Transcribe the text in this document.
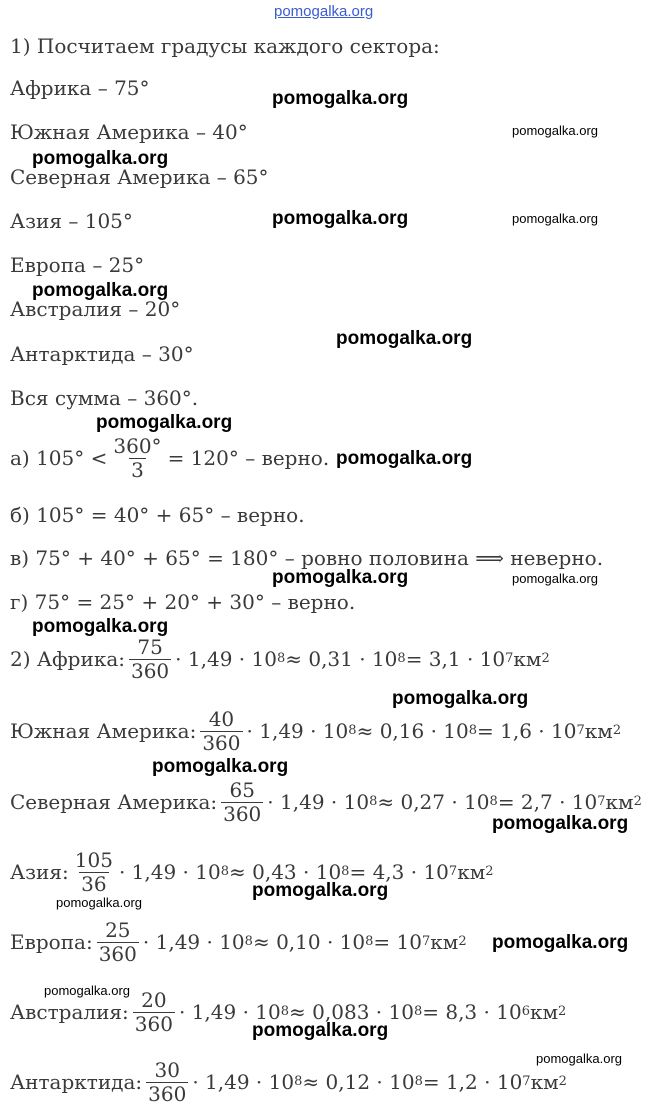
pomogalka.org
pomogalka.org
pomogalka.org
pomogalka.org
pomogalka.org	pomogalka.org
pomogalka.org
pomogalka.org
pomogalka.org
pomogalka.org
pomogalka.org	pomogalka.org
pomogalka.org
pomogalka.org
pomogalka.org
pomogalka.org
pomogalka.org
pomogalka.org
pomogalka.org
pomogalka.org
pomogalka.org
pomogalka.org
1) Посчитаем градусы каждого сектора:
Африка – 75°
Южная Америка – 40°
Северная Америка – 65°
Азия – 105°
Европа – 25°
Австралия – 20°
Антарктида – 30°
Вся сумма – 360°.
а) $105^\circ < \frac{360^\circ}{3} = 120^\circ$ – верно.
б) 105° = 40° + 65° – верно.
в) 75° + 40° + 65° = 180° – ровно половина ⟹ неверно.
г) 75° = 25° + 20° + 30° – верно.
2) Африка: $\frac{75}{360} \cdot 1,49 \cdot 10$ 8 ≈ 0,31 · 10 8 = 3,1 · 10 7 км 2
Южная Америка: $\frac{40}{360} \cdot 1,49 \cdot 10$ 8 ≈ 0,16 · 10 8 = 1,6 · 10 7 км 2
Северная Америка: $\frac{65}{360} \cdot 1,49 \cdot 10$ 8 ≈ 0,27 · 10 8 = 2,7 · 10 7 км 2
Азия: $\frac{105}{36} \cdot 1,49 \cdot 10$ 8 ≈ 0,43 · 10 8 = 4,3 · 10 7 км 2
Европа: $\frac{25}{360} \cdot 1,49 \cdot 10$ 8 ≈ 0,10 · 10 8 = 10 7 км 2
Австралия: $\frac{20}{360} \cdot 1,49 \cdot 10$ 8 ≈ 0,083 · 10 8 = 8,3 · 10 6 км 2
Антарктида: $\frac{30}{360} \cdot 1,49 \cdot 10$ 8 ≈ 0,12 · 10 8 = 1,2 · 10 7 км 2
